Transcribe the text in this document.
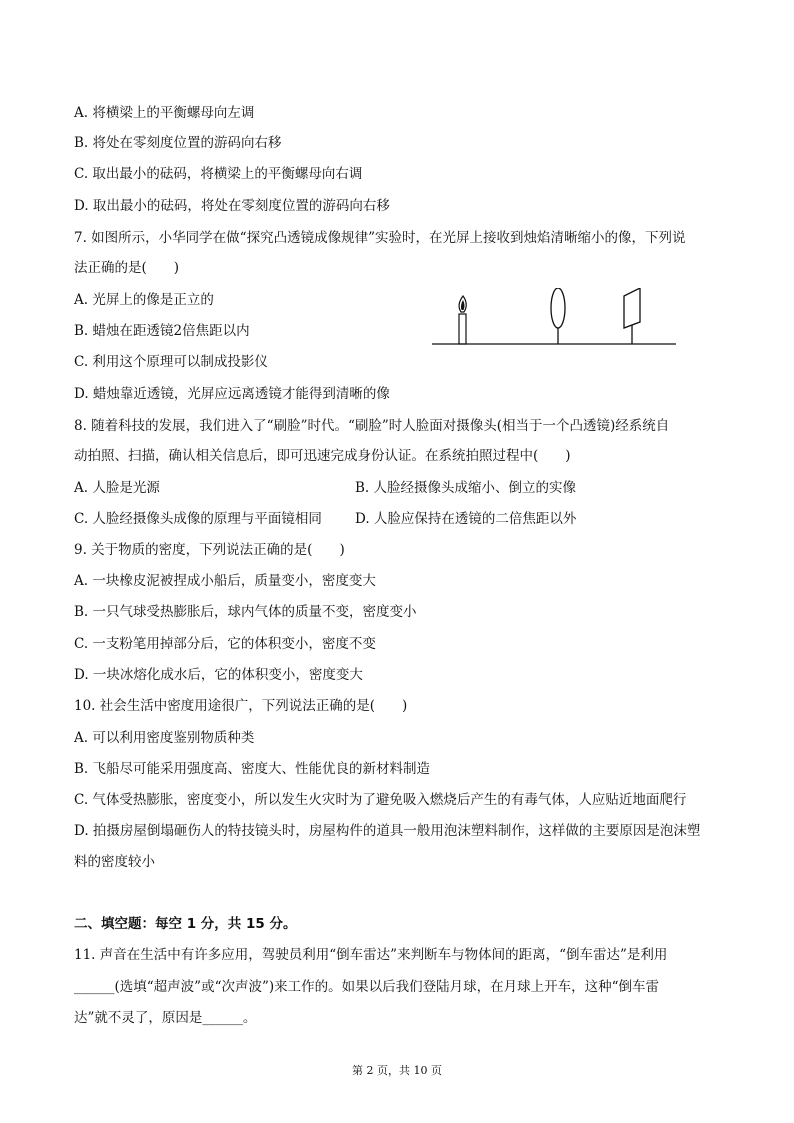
A. 将横梁上的平衡螺母向左调
B. 将处在零刻度位置的游码向右移
C. 取出最小的砝码，将横梁上的平衡螺母向右调
D. 取出最小的砝码，将处在零刻度位置的游码向右移
7. 如图所示，小华同学在做“探究凸透镜成像规律”实验时，在光屏上接收到烛焰清晰缩小的像，下列说
法正确的是(　　)
A. 光屏上的像是正立的
B. 蜡烛在距透镜2倍焦距以内
C. 利用这个原理可以制成投影仪
D. 蜡烛靠近透镜，光屏应远离透镜才能得到清晰的像
8. 随着科技的发展，我们进入了“刷脸”时代。“刷脸”时人脸面对摄像头(相当于一个凸透镜)经系统自
动拍照、扫描，确认相关信息后，即可迅速完成身份认证。在系统拍照过程中(　　)
A. 人脸是光源	B. 人脸经摄像头成缩小、倒立的实像
C. 人脸经摄像头成像的原理与平面镜相同 D. 人脸应保持在透镜的二倍焦距以外
9. 关于物质的密度，下列说法正确的是(　　)
A. 一块橡皮泥被捏成小船后，质量变小，密度变大
B. 一只气球受热膨胀后，球内气体的质量不变，密度变小
C. 一支粉笔用掉部分后，它的体积变小，密度不变
D. 一块冰熔化成水后，它的体积变小，密度变大
10. 社会生活中密度用途很广，下列说法正确的是(　　)
A. 可以利用密度鉴别物质种类
B. 飞船尽可能采用强度高、密度大、性能优良的新材料制造
C. 气体受热膨胀，密度变小，所以发生火灾时为了避免吸入燃烧后产生的有毒气体，人应贴近地面爬行
D. 拍摄房屋倒塌砸伤人的特技镜头时，房屋构件的道具一般用泡沫塑料制作，这样做的主要原因是泡沫塑
料的密度较小
二、填空题：每空 1 分，共 15 分。
11. 声音在生活中有许多应用，驾驶员利用“倒车雷达”来判断车与物体间的距离，“倒车雷达”是利用
______(选填“超声波”或“次声波”)来工作的。如果以后我们登陆月球，在月球上开车，这种“倒车雷
达”就不灵了，原因是______。
第 2 页，共 10 页
